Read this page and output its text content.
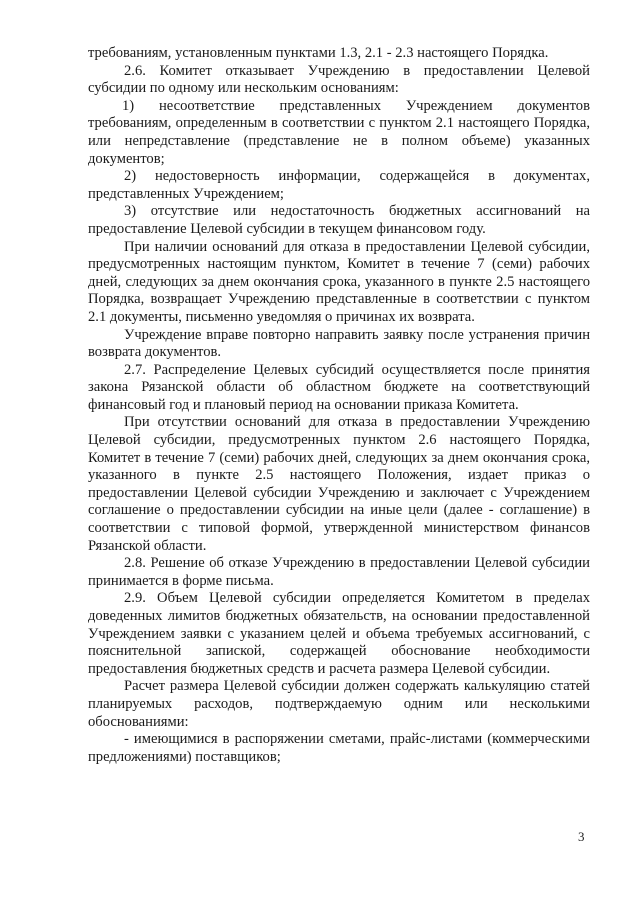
требованиям, установленным пунктами 1.3, 2.1 - 2.3 настоящего Порядка.

2.6. Комитет отказывает Учреждению в предоставлении Целевой субсидии по одному или нескольким основаниям:

1) несоответствие представленных Учреждением документов требованиям, определенным в соответствии с пунктом 2.1 настоящего Порядка, или непредставление (представление не в полном объеме) указанных документов;

2) недостоверность информации, содержащейся в документах, представленных Учреждением;

3) отсутствие или недостаточность бюджетных ассигнований на предоставление Целевой субсидии в текущем финансовом году.

При наличии оснований для отказа в предоставлении Целевой субсидии, предусмотренных настоящим пунктом, Комитет в течение 7 (семи) рабочих дней, следующих за днем окончания срока, указанного в пункте 2.5 настоящего Порядка, возвращает Учреждению представленные в соответствии с пунктом 2.1 документы, письменно уведомляя о причинах их возврата.

Учреждение вправе повторно направить заявку после устранения причин возврата документов.

2.7. Распределение Целевых субсидий осуществляется после принятия закона Рязанской области об областном бюджете на соответствующий финансовый год и плановый период на основании приказа Комитета.

При отсутствии оснований для отказа в предоставлении Учреждению Целевой субсидии, предусмотренных пунктом 2.6 настоящего Порядка, Комитет в течение 7 (семи) рабочих дней, следующих за днем окончания срока, указанного в пункте 2.5 настоящего Положения, издает приказ о предоставлении Целевой субсидии Учреждению и заключает с Учреждением соглашение о предоставлении субсидии на иные цели (далее - соглашение) в соответствии с типовой формой, утвержденной министерством финансов Рязанской области.

2.8. Решение об отказе Учреждению в предоставлении Целевой субсидии принимается в форме письма.

2.9. Объем Целевой субсидии определяется Комитетом в пределах доведенных лимитов бюджетных обязательств, на основании предоставленной Учреждением заявки с указанием целей и объема требуемых ассигнований, с пояснительной запиской, содержащей обоснование необходимости предоставления бюджетных средств и расчета размера Целевой субсидии.

Расчет размера Целевой субсидии должен содержать калькуляцию статей планируемых расходов, подтверждаемую одним или несколькими обоснованиями:

- имеющимися в распоряжении сметами, прайс-листами (коммерческими предложениями) поставщиков;

3
